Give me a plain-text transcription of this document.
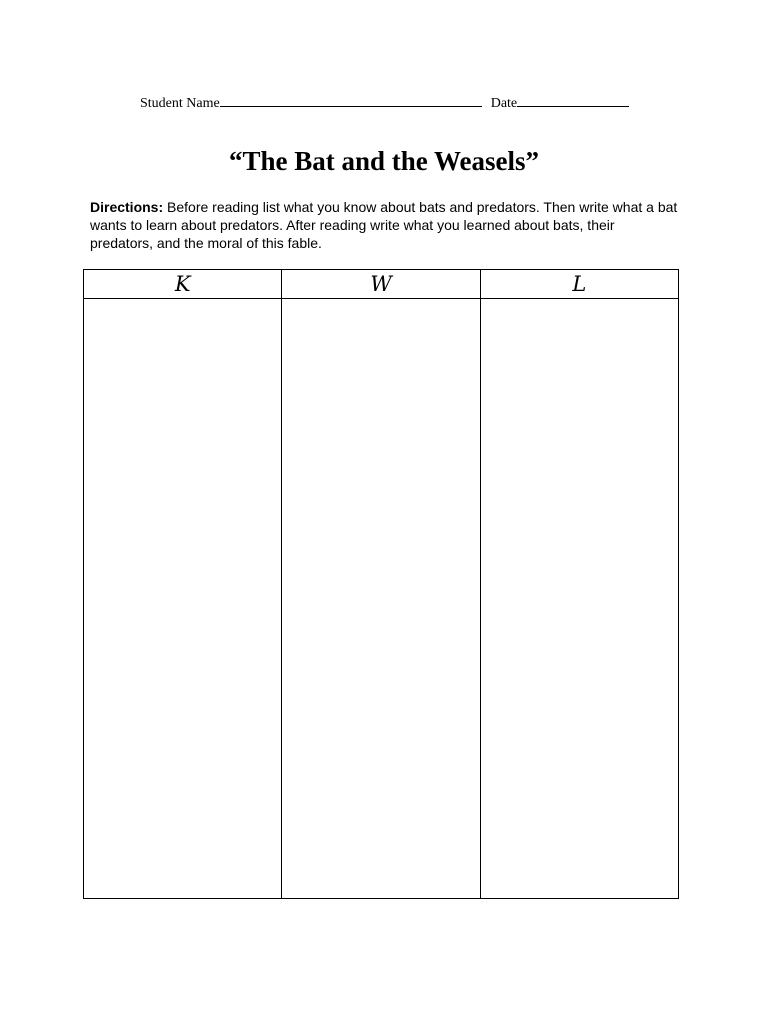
Student Name	Date
“The Bat and the Weasels”
Directions: Before reading list what you know about bats and predators. Then write what a bat wants to learn about predators. After reading write what you learned about bats, their predators, and the moral of this fable.
K	W	L
